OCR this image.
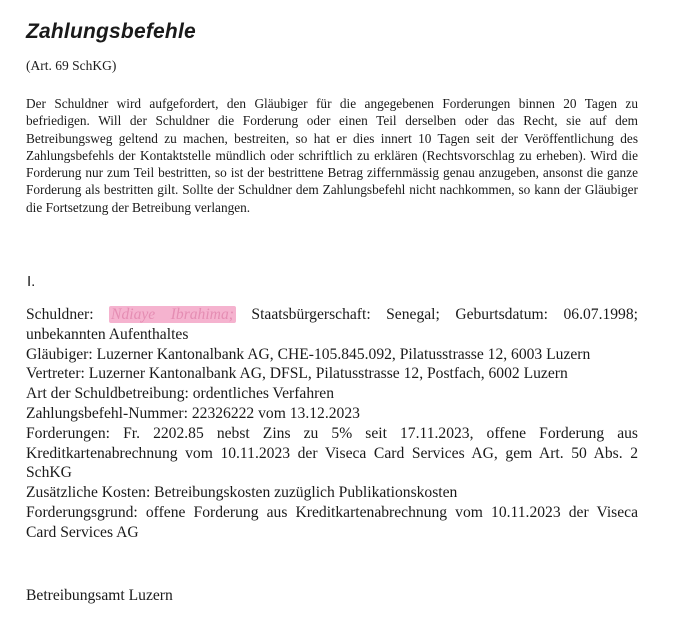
Zahlungsbefehle

(Art. 69 SchKG)

Der Schuldner wird aufgefordert, den Gläubiger für die angegebenen Forderungen binnen 20 Tagen zu befriedigen. Will der Schuldner die Forderung oder einen Teil derselben oder das Recht, sie auf dem Betreibungsweg geltend zu machen, bestreiten, so hat er dies innert 10 Tagen seit der Veröffentlichung des Zahlungsbefehls der Kontaktstelle mündlich oder schriftlich zu erklären (Rechtsvorschlag zu erheben). Wird die Forderung nur zum Teil bestritten, so ist der bestrittene Betrag ziffernmässig genau anzugeben, ansonst die ganze Forderung als bestritten gilt. Sollte der Schuldner dem Zahlungsbefehl nicht nachkommen, so kann der Gläubiger die Fortsetzung der Betreibung verlangen.

I.

Schuldner: Ndiaye Ibrahima; Staatsbürgerschaft: Senegal; Geburtsdatum: 06.07.1998; unbekannten Aufenthaltes

Gläubiger: Luzerner Kantonalbank AG, CHE-105.845.092, Pilatusstrasse 12, 6003 Luzern

Vertreter: Luzerner Kantonalbank AG, DFSL, Pilatusstrasse 12, Postfach, 6002 Luzern

Art der Schuldbetreibung: ordentliches Verfahren

Zahlungsbefehl-Nummer: 22326222 vom 13.12.2023

Forderungen: Fr. 2202.85 nebst Zins zu 5% seit 17.11.2023, offene Forderung aus Kreditkartenabrechnung vom 10.11.2023 der Viseca Card Services AG, gem Art. 50 Abs. 2 SchKG

Zusätzliche Kosten: Betreibungskosten zuzüglich Publikationskosten

Forderungsgrund: offene Forderung aus Kreditkartenabrechnung vom 10.11.2023 der Viseca Card Services AG

Betreibungsamt Luzern
